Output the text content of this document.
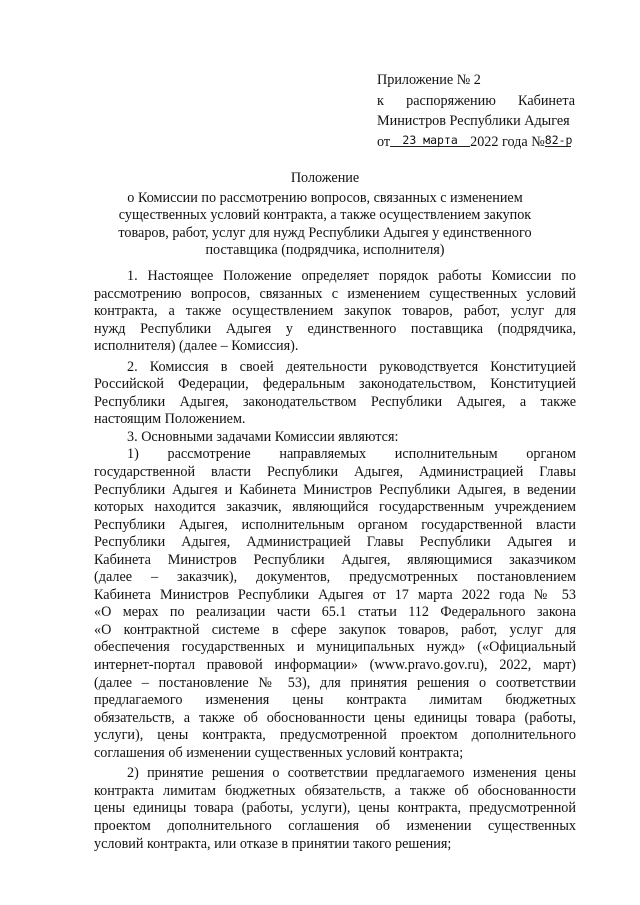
Приложение № 2
к распоряжению Кабинета
Министров Республики Адыгея
от	23 марта 2022 года № 82-р
Положение
о Комиссии по рассмотрению вопросов, связанных с изменением
существенных условий контракта, а также осуществлением закупок
товаров, работ, услуг для нужд Республики Адыгея у единственного
поставщика (подрядчика, исполнителя)
1. Настоящее Положение определяет порядок работы Комиссии по
рассмотрению вопросов, связанных с изменением существенных условий
контракта, а также осуществлением закупок товаров, работ, услуг для
нужд Республики Адыгея у единственного поставщика (подрядчика,
исполнителя) (далее – Комиссия).
2. Комиссия в своей деятельности руководствуется Конституцией
Российской Федерации, федеральным законодательством, Конституцией
Республики Адыгея, законодательством Республики Адыгея, а также
настоящим Положением.
3. Основными задачами Комиссии являются:
1) рассмотрение направляемых исполнительным органом
государственной власти Республики Адыгея, Администрацией Главы
Республики Адыгея и Кабинета Министров Республики Адыгея, в ведении
которых находится заказчик, являющийся государственным учреждением
Республики Адыгея, исполнительным органом государственной власти
Республики Адыгея, Администрацией Главы Республики Адыгея и
Кабинета Министров Республики Адыгея, являющимися заказчиком
(далее – заказчик), документов, предусмотренных постановлением
Кабинета Министров Республики Адыгея от 17 марта 2022 года № 53
«О мерах по реализации части 65.1 статьи 112 Федерального закона
«О контрактной системе в сфере закупок товаров, работ, услуг для
обеспечения государственных и муниципальных нужд» («Официальный
интернет-портал правовой информации» (www.pravo.gov.ru), 2022, март)
(далее – постановление № 53), для принятия решения о соответствии
предлагаемого изменения цены контракта лимитам бюджетных
обязательств, а также об обоснованности цены единицы товара (работы,
услуги), цены контракта, предусмотренной проектом дополнительного
соглашения об изменении существенных условий контракта;
2) принятие решения о соответствии предлагаемого изменения цены
контракта лимитам бюджетных обязательств, а также об обоснованности
цены единицы товара (работы, услуги), цены контракта, предусмотренной
проектом дополнительного соглашения об изменении существенных
условий контракта, или отказе в принятии такого решения;
